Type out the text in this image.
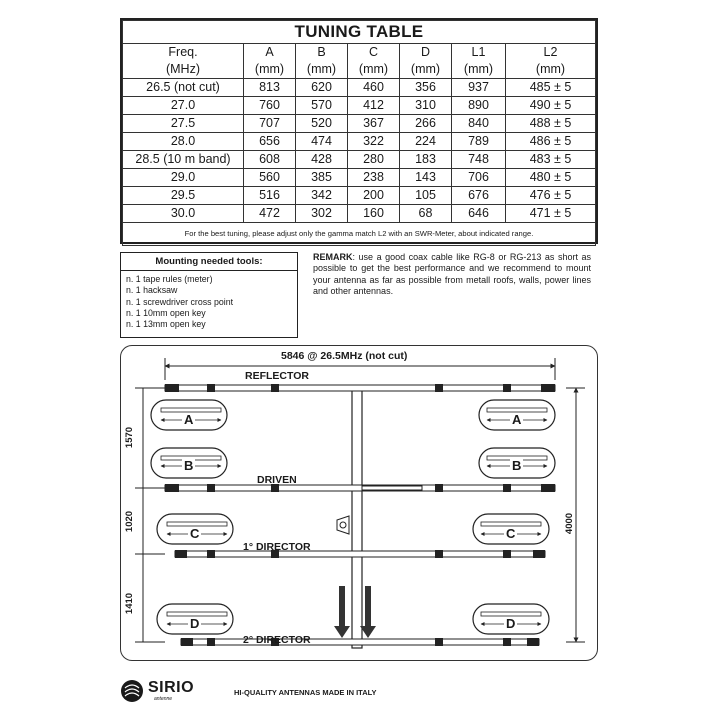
TUNING TABLE						
Freq.	A	B	C	D	L1	L2
(MHz)	(mm)	(mm)	(mm)	(mm)	(mm)	(mm)
26.5 (not cut)	813	620	460	356	937	485 ± 5
27.0	760	570	412	310	890	490 ± 5
27.5	707	520	367	266	840	488 ± 5
28.0	656	474	322	224	789	486 ± 5
28.5 (10 m band)	608	428	280	183	748	483 ± 5
29.0	560	385	238	143	706	480 ± 5
29.5	516	342	200	105	676	476 ± 5
30.0	472	302	160	68	646	471 ± 5
For the best tuning, please adjust only the gamma match L2 with an SWR-Meter, about indicated range.						
Mounting needed tools:
n. 1 tape rules (meter)
n. 1 hacksaw
n. 1 screwdriver cross point
n. 1 10mm open key
n. 1 13mm open key
REMARK: use a good coax cable like RG-8 or RG-213 as short as possible to get the best performance and we recommend to mount your antenna as far as possible from metall roofs, walls, power lines and other antennas.
5846 @ 26.5MHz (not cut)
REFLECTOR
DRIVEN
1° DIRECTOR
2° DIRECTOR
1570
1020
1410
4000
A	A
B	B
C	C
D	D
SIRIO
antenne
HI-QUALITY ANTENNAS MADE IN ITALY
